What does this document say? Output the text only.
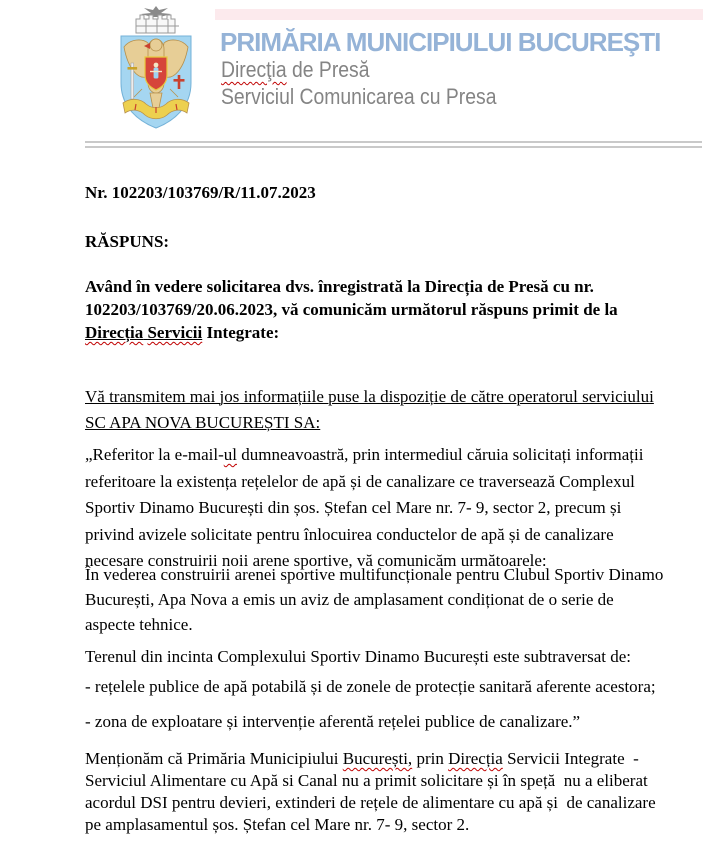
PRIMĂRIA MUNICIPIULUI BUCUREŞTI
Direcţia de Presă
Serviciul Comunicarea cu Presa
Nr. 102203/103769/R/11.07.2023
RĂSPUNS:
Având în vedere solicitarea dvs. înregistrată la Direcția de Presă cu nr.
102203/103769/20.06.2023, vă comunicăm următorul răspuns primit de la
Direcția Servicii Integrate:
Vă transmitem mai jos informațiile puse la dispoziție de către operatorul serviciului
SC APA NOVA BUCUREȘTI SA:
„Referitor la e-mail-ul dumneavoastră, prin intermediul căruia solicitați informații
referitoare la existența rețelelor de apă și de canalizare ce traversează Complexul
Sportiv Dinamo București din șos. Ștefan cel Mare nr. 7- 9, sector 2, precum și
privind avizele solicitate pentru înlocuirea conductelor de apă și de canalizare
necesare construirii noii arene sportive, vă comunicăm următoarele:
În vederea construirii arenei sportive multifuncționale pentru Clubul Sportiv Dinamo
București, Apa Nova a emis un aviz de amplasament condiționat de o serie de
aspecte tehnice.
Terenul din incinta Complexului Sportiv Dinamo București este subtraversat de:
- rețelele publice de apă potabilă și de zonele de protecție sanitară aferente acestora;
- zona de exploatare și intervenție aferentă rețelei publice de canalizare.”
Menționăm că Primăria Municipiului București, prin Direcția Servicii Integrate  -
Serviciul Alimentare cu Apă si Canal nu a primit solicitare și în speță  nu a eliberat
acordul DSI pentru devieri, extinderi de rețele de alimentare cu apă și  de canalizare
pe amplasamentul șos. Ștefan cel Mare nr. 7- 9, sector 2.
